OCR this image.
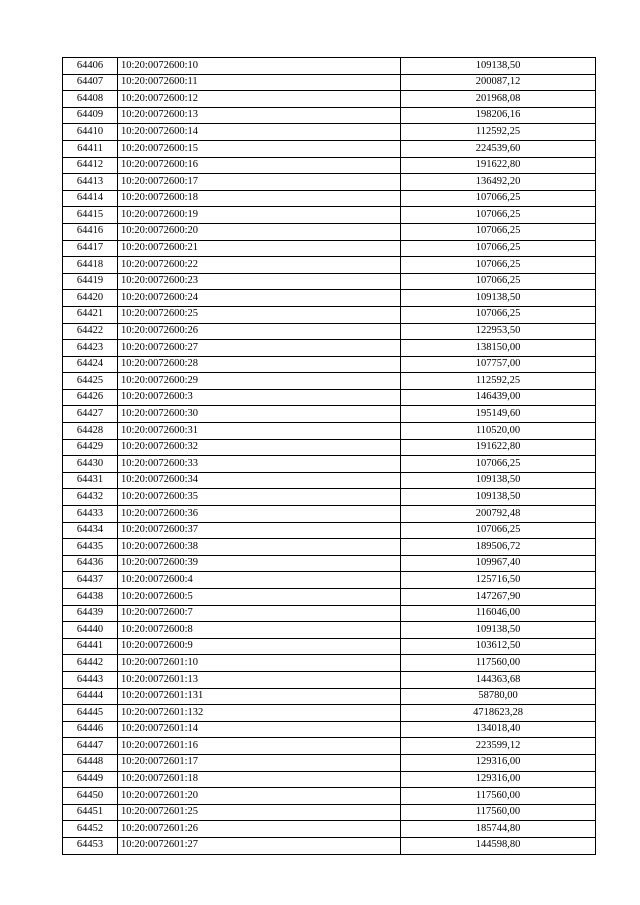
64406	10:20:0072600:10	109138,50
64407	10:20:0072600:11	200087,12
64408	10:20:0072600:12	201968,08
64409	10:20:0072600:13	198206,16
64410	10:20:0072600:14	112592,25
64411	10:20:0072600:15	224539,60
64412	10:20:0072600:16	191622,80
64413	10:20:0072600:17	136492,20
64414	10:20:0072600:18	107066,25
64415	10:20:0072600:19	107066,25
64416	10:20:0072600:20	107066,25
64417	10:20:0072600:21	107066,25
64418	10:20:0072600:22	107066,25
64419	10:20:0072600:23	107066,25
64420	10:20:0072600:24	109138,50
64421	10:20:0072600:25	107066,25
64422	10:20:0072600:26	122953,50
64423	10:20:0072600:27	138150,00
64424	10:20:0072600:28	107757,00
64425	10:20:0072600:29	112592,25
64426	10:20:0072600:3	146439,00
64427	10:20:0072600:30	195149,60
64428	10:20:0072600:31	110520,00
64429	10:20:0072600:32	191622,80
64430	10:20:0072600:33	107066,25
64431	10:20:0072600:34	109138,50
64432	10:20:0072600:35	109138,50
64433	10:20:0072600:36	200792,48
64434	10:20:0072600:37	107066,25
64435	10:20:0072600:38	189506,72
64436	10:20:0072600:39	109967,40
64437	10:20:0072600:4	125716,50
64438	10:20:0072600:5	147267,90
64439	10:20:0072600:7	116046,00
64440	10:20:0072600:8	109138,50
64441	10:20:0072600:9	103612,50
64442	10:20:0072601:10	117560,00
64443	10:20:0072601:13	144363,68
64444	10:20:0072601:131	58780,00
64445	10:20:0072601:132	4718623,28
64446	10:20:0072601:14	134018,40
64447	10:20:0072601:16	223599,12
64448	10:20:0072601:17	129316,00
64449	10:20:0072601:18	129316,00
64450	10:20:0072601:20	117560,00
64451	10:20:0072601:25	117560,00
64452	10:20:0072601:26	185744,80
64453	10:20:0072601:27	144598,80
